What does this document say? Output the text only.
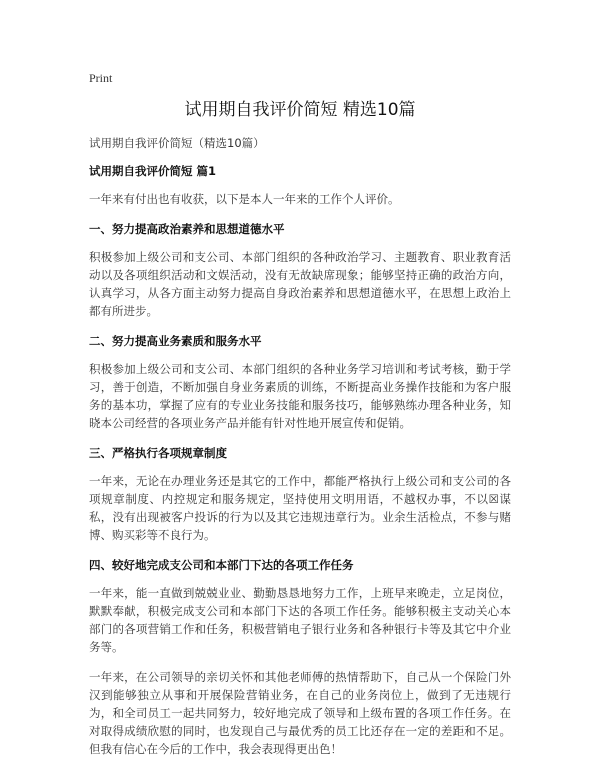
Print
试用期自我评价简短 精选10篇
试用期自我评价简短（精选10篇）
试用期自我评价简短 篇1
一年来有付出也有收获，以下是本人一年来的工作个人评价。
一、努力提高政治素养和思想道德水平
积极参加上级公司和支公司、本部门组织的各种政治学习、主题教育、职业教育活动以及各项组织活动和文娱活动，没有无故缺席现象；能够坚持正确的政治方向，认真学习，从各方面主动努力提高自身政治素养和思想道德水平，在思想上政治上都有所进步。
二、努力提高业务素质和服务水平
积极参加上级公司和支公司、本部门组织的各种业务学习培训和考试考核，勤于学习，善于创造，不断加强自身业务素质的训练，不断提高业务操作技能和为客户服务的基本功，掌握了应有的专业业务技能和服务技巧，能够熟练办理各种业务，知晓本公司经营的各项业务产品并能有针对性地开展宣传和促销。
三、严格执行各项规章制度
一年来，无论在办理业务还是其它的工作中，都能严格执行上级公司和支公司的各项规章制度、内控规定和服务规定，坚持使用文明用语，不越权办事，不以☒谋私，没有出现被客户投诉的行为以及其它违规违章行为。业余生活检点，不参与赌博、购买彩等不良行为。
四、较好地完成支公司和本部门下达的各项工作任务
一年来，能一直做到兢兢业业、勤勤恳恳地努力工作，上班早来晚走，立足岗位，默默奉献，积极完成支公司和本部门下达的各项工作任务。能够积极主支动关心本部门的各项营销工作和任务，积极营销电子银行业务和各种银行卡等及其它中介业务等。
一年来，在公司领导的亲切关怀和其他老师傅的热情帮助下，自己从一个保险门外汉到能够独立从事和开展保险营销业务，在自己的业务岗位上，做到了无违规行为，和全司员工一起共同努力，较好地完成了领导和上级布置的各项工作任务。在对取得成绩欣慰的同时，也发现自己与最优秀的员工比还存在一定的差距和不足。但我有信心在今后的工作中，我会表现得更出色！
